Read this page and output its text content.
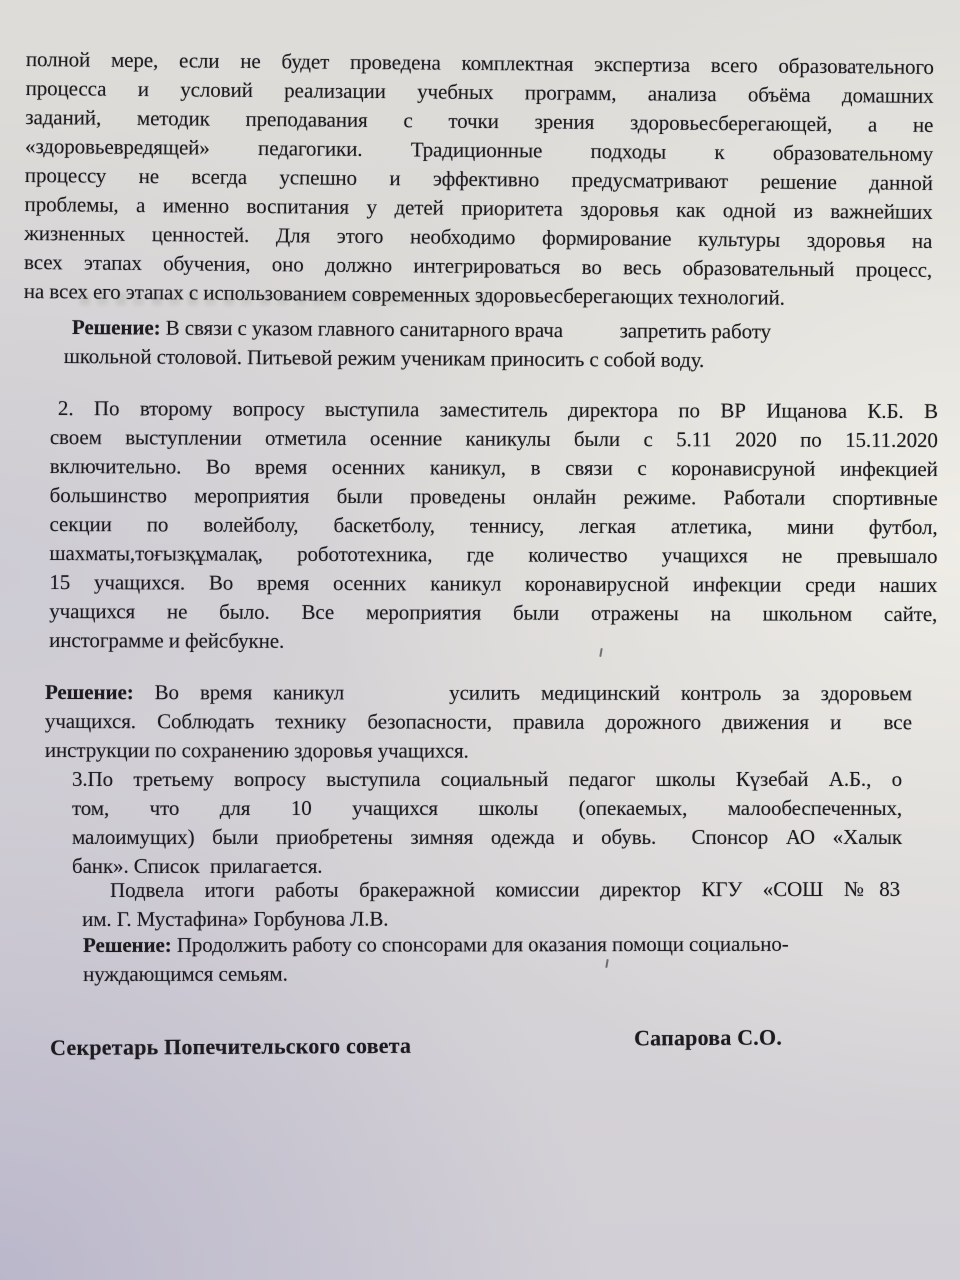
полной мере, если не будет проведена комплектная экспертиза всего образовательного
процесса и условий реализации учебных программ, анализа объёма домашних
заданий, методик преподавания с точки зрения здоровьесберегающей, а не
«здоровьевредящей» педагогики. Традиционные подходы к образовательному
процессу не всегда успешно и эффективно предусматривают решение данной
проблемы, а именно воспитания у детей приоритета здоровья как одной из важнейших
жизненных ценностей. Для этого необходимо формирование культуры здоровья на
всех этапах обучения, оно должно интегрироваться во весь образовательный процесс,
на всех его этапах с использованием современных здоровьесберегающих технологий.
Решение: В связи с указом главного санитарного врача           запретить работу
школьной столовой. Питьевой режим ученикам приносить с собой воду.
2. По второму вопросу выступила заместитель директора по ВР Ищанова К.Б. В
своем выступлении отметила осенние каникулы были с 5.11 2020 по 15.11.2020
включительно. Во время осенних каникул, в связи с коронависруной инфекцией
большинство мероприятия были проведены онлайн режиме. Работали спортивные
секции по волейболу, баскетболу, теннису, легкая атлетика, мини футбол,
шахматы,тоғызқұмалақ, робототехника, где количество учащихся не превышало
15 учащихся. Во время осенних каникул коронавирусной инфекции среди наших
учащихся не было. Все мероприятия были отражены на школьном сайте,
инстограмме и фейсбукне.
Решение: Во время каникул     усилить медицинский контроль за здоровьем
учащихся. Соблюдать технику безопасности, правила дорожного движения и  все
инструкции по сохранению здоровья учащихся.
3.По третьему вопросу выступила социальный педагог школы Күзебай А.Б., о
том, что для 10 учащихся школы (опекаемых, малообеспеченных,
малоимущих) были приобретены зимняя одежда и обувь.  Спонсор АО «Халык
банк». Список  прилагается.
Подвела итоги работы бракеражной комиссии директор КГУ «СОШ №83
им. Г. Мустафина» Горбунова Л.В.
Решение: Продолжить работу со спонсорами для оказания помощи социально-
нуждающимся семьям.
Секретарь Попечительского совета	Сапарова С.О.
